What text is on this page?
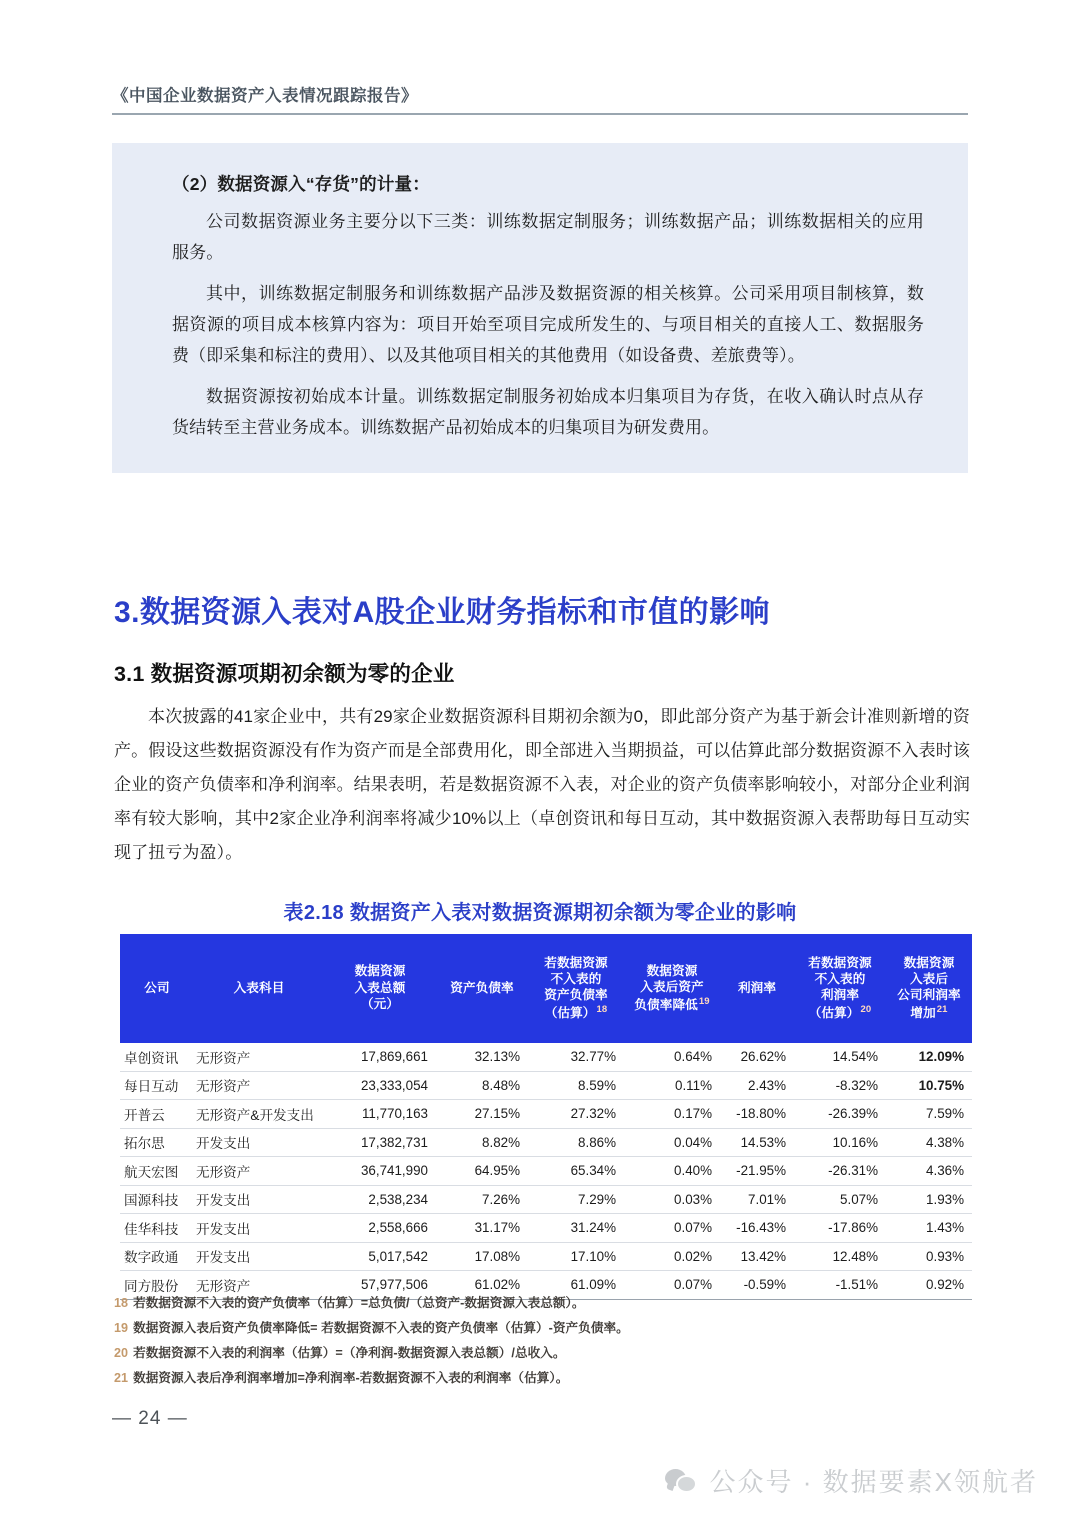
《中国企业数据资产入表情况跟踪报告》
（2）数据资源入“存货”的计量：

公司数据资源业务主要分以下三类：训练数据定制服务；训练数据产品；训练数据相关的应用服务。

其中，训练数据定制服务和训练数据产品涉及数据资源的相关核算。公司采用项目制核算，数据资源的项目成本核算内容为：项目开始至项目完成所发生的、与项目相关的直接人工、数据服务费（即采集和标注的费用）、以及其他项目相关的其他费用（如设备费、差旅费等）。

数据资源按初始成本计量。训练数据定制服务初始成本归集项目为存货，在收入确认时点从存货结转至主营业务成本。训练数据产品初始成本的归集项目为研发费用。

3.数据资源入表对A股企业财务指标和市值的影响
3.1 数据资源项期初余额为零的企业
本次披露的41家企业中，共有29家企业数据资源科目期初余额为0，即此部分资产为基于新会计准则新增的资产。假设这些数据资源没有作为资产而是全部费用化，即全部进入当期损益，可以估算此部分数据资源不入表时该企业的资产负债率和净利润率。结果表明，若是数据资源不入表，对企业的资产负债率影响较小，对部分企业利润率有较大影响，其中2家企业净利润率将减少10%以上（卓创资讯和每日互动，其中数据资源入表帮助每日互动实现了扭亏为盈）。
表2.18 数据资产入表对数据资源期初余额为零企业的影响
公司	入表科目	数据资源
入表总额
（元）	资产负债率	若数据资源
不入表的
资产负债率
（估算）$^{18}$	数据资源
入表后资产
负债率降低$^{19}$	利润率	若数据资源
不入表的
利润率
（估算）$^{20}$	数据资源
入表后
公司利润率
增加$^{21}$
卓创资讯	无形资产	17,869,661	32.13%	32.77%	0.64%	26.62%	14.54%	12.09%
每日互动	无形资产	23,333,054	8.48%	8.59%	0.11%	2.43%	-8.32%	10.75%
开普云	无形资产&开发支出	11,770,163	27.15%	27.32%	0.17%	-18.80%	-26.39%	7.59%
拓尔思	开发支出	17,382,731	8.82%	8.86%	0.04%	14.53%	10.16%	4.38%
航天宏图	无形资产	36,741,990	64.95%	65.34%	0.40%	-21.95%	-26.31%	4.36%
国源科技	开发支出	2,538,234	7.26%	7.29%	0.03%	7.01%	5.07%	1.93%
佳华科技	开发支出	2,558,666	31.17%	31.24%	0.07%	-16.43%	-17.86%	1.43%
数字政通	开发支出	5,017,542	17.08%	17.10%	0.02%	13.42%	12.48%	0.93%
同方股份	无形资产	57,977,506	61.02%	61.09%	0.07%	-0.59%	-1.51%	0.92%
18 若数据资源不入表的资产负债率（估算）=总负债/（总资产-数据资源入表总额）。
19 数据资源入表后资产负债率降低= 若数据资源不入表的资产负债率（估算）-资产负债率。
20 若数据资源不入表的利润率（估算）=（净利润-数据资源入表总额）/总收入。
21 数据资源入表后净利润率增加=净利润率-若数据资源不入表的利润率（估算）。
— 24 —
公众号 · 数据要素X领航者
